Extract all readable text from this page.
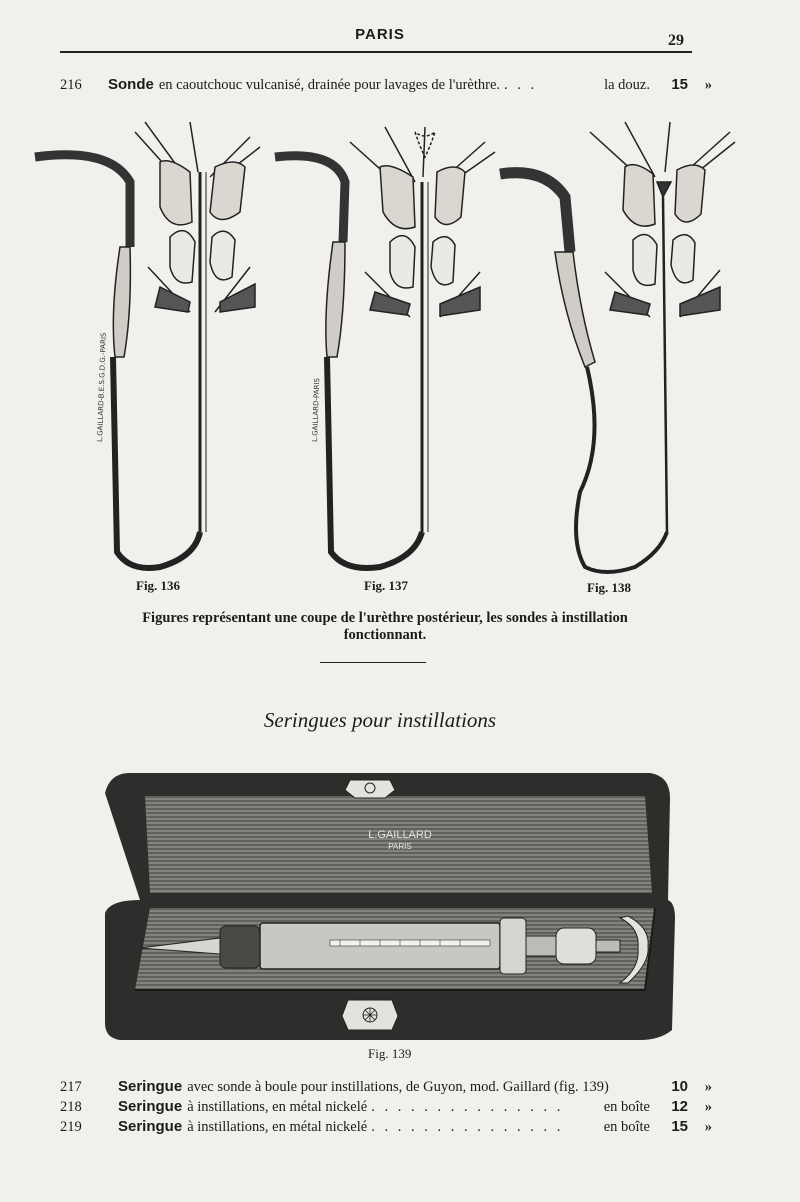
PARIS	29
216	Sonde en caoutchouc vulcanisé, drainée pour lavages de l'urèthre. . . .	la douz.	15	»
L.GAILLARD-B.E.S.G.D.G.-PARIS
Fig. 136
L.GAILLARD-PARIS
Fig. 137	Fig. 138
Figures représentant une coupe de l'urèthre postérieur, les sondes à instillation
fonctionnant.
Seringues pour instillations
L.GAILLARD
PARIS
Fig. 139
217	Seringue avec sonde à boule pour instillations, de Guyon, mod. Gaillard (fig. 139)	10	»
218	Seringue à instillations, en métal nickelé . . . . . . . . . . . . . . .	en boîte	12	»
219	Seringue à instillations, en métal nickelé . . . . . . . . . . . . . . .	en boîte	15	»
